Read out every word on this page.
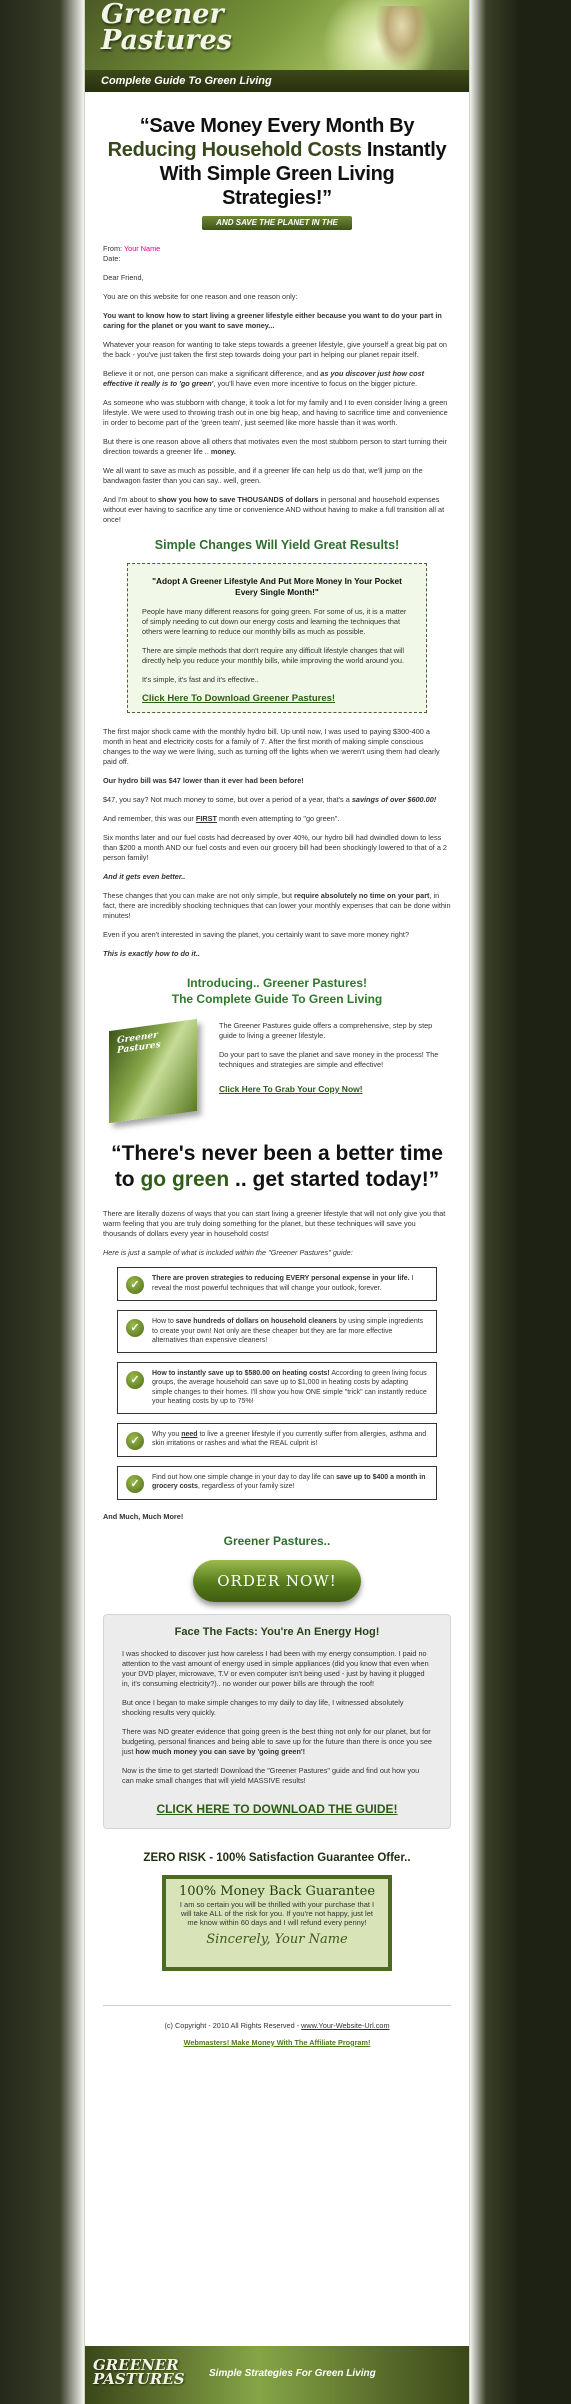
Greener
Pastures
Complete Guide To Green Living
“Save Money Every Month By Reducing Household Costs Instantly With Simple Green Living Strategies!”
AND SAVE THE PLANET IN THE PROCESS!!

From: Your Name
Date:

Dear Friend,

You are on this website for one reason and one reason only:

You want to know how to start living a greener lifestyle either because you want to do your part in caring for the planet or you want to save money...

Whatever your reason for wanting to take steps towards a greener lifestyle, give yourself a great big pat on the back - you've just taken the first step towards doing your part in helping our planet repair itself.

Believe it or not, one person can make a significant difference, and as you discover just how cost effective it really is to 'go green', you'll have even more incentive to focus on the bigger picture.

As someone who was stubborn with change, it took a lot for my family and I to even consider living a green lifestyle. We were used to throwing trash out in one big heap, and having to sacrifice time and convenience in order to become part of the 'green team', just seemed like more hassle than it was worth.

But there is one reason above all others that motivates even the most stubborn person to start turning their direction towards a greener life .. money.

We all want to save as much as possible, and if a greener life can help us do that, we'll jump on the bandwagon faster than you can say.. well, green.

And I'm about to show you how to save THOUSANDS of dollars in personal and household expenses without ever having to sacrifice any time or convenience AND without having to make a full transition all at once!

Simple Changes Will Yield Great Results!
"Adopt A Greener Lifestyle And Put More Money In Your Pocket Every Single Month!"

People have many different reasons for going green. For some of us, it is a matter of simply needing to cut down our energy costs and learning the techniques that others were learning to reduce our monthly bills as much as possible.

There are simple methods that don't require any difficult lifestyle changes that will directly help you reduce your monthly bills, while improving the world around you.

It's simple, it's fast and it's effective..

Click Here To Download Greener Pastures!

The first major shock came with the monthly hydro bill. Up until now, I was used to paying $300-400 a month in heat and electricity costs for a family of 7. After the first month of making simple conscious changes to the way we were living, such as turning off the lights when we weren't using them had clearly paid off.

Our hydro bill was $47 lower than it ever had been before!

$47, you say? Not much money to some, but over a period of a year, that's a savings of over $600.00!

And remember, this was our FIRST month even attempting to "go green".

Six months later and our fuel costs had decreased by over 40%, our hydro bill had dwindled down to less than $200 a month AND our fuel costs and even our grocery bill had been shockingly lowered to that of a 2 person family!

And it gets even better..

These changes that you can make are not only simple, but require absolutely no time on your part, in fact, there are incredibly shocking techniques that can lower your monthly expenses that can be done within minutes!

Even if you aren't interested in saving the planet, you certainly want to save more money right?

This is exactly how to do it..

Introducing.. Greener Pastures!
The Complete Guide To Green Living
Greener Pastures

The Greener Pastures guide offers a comprehensive, step by step guide to living a greener lifestyle.

Do your part to save the planet and save money in the process! The techniques and strategies are simple and effective!

Click Here To Grab Your Copy Now!
“There's never been a better time to go green .. get started today!”

There are literally dozens of ways that you can start living a greener lifestyle that will not only give you that warm feeling that you are truly doing something for the planet, but these techniques will save you thousands of dollars every year in household costs!

Here is just a sample of what is included within the "Greener Pastures" guide:

✓
There are proven strategies to reducing EVERY personal expense in your life. I reveal the most powerful techniques that will change your outlook, forever.
✓
How to save hundreds of dollars on household cleaners by using simple ingredients to create your own! Not only are these cheaper but they are far more effective alternatives than expensive cleaners!
✓
How to instantly save up to $580.00 on heating costs! According to green living focus groups, the average household can save up to $1,000 in heating costs by adapting simple changes to their homes. I'll show you how ONE simple "trick" can instantly reduce your heating costs by up to 75%!
✓
Why you need to live a greener lifestyle if you currently suffer from allergies, asthma and skin irritations or rashes and what the REAL culprit is!
✓
Find out how one simple change in your day to day life can save up to $400 a month in grocery costs, regardless of your family size!

And Much, Much More!

Greener Pastures..
ORDER NOW!
Face The Facts: You're An Energy Hog!

I was shocked to discover just how careless I had been with my energy consumption. I paid no attention to the vast amount of energy used in simple appliances (did you know that even when your DVD player, microwave, T.V or even computer isn't being used - just by having it plugged in, it's consuming electricity?).. no wonder our power bills are through the roof!

But once I began to make simple changes to my daily to day life, I witnessed absolutely shocking results very quickly.

There was NO greater evidence that going green is the best thing not only for our planet, but for budgeting, personal finances and being able to save up for the future than there is once you see just how much money you can save by 'going green'!

Now is the time to get started! Download the "Greener Pastures" guide and find out how you can make small changes that will yield MASSIVE results!

CLICK HERE TO DOWNLOAD THE GUIDE!
ZERO RISK - 100% Satisfaction Guarantee Offer..
100% Money Back Guarantee
I am so certain you will be thrilled with your purchase that I will take ALL of the risk for you. If you're not happy, just let me know within 60 days and I will refund every penny!
Sincerely, Your Name
(c) Copyright - 2010 All Rights Reserved - www.Your-Website-Url.com
Webmasters! Make Money With The Affiliate Program!
GREENER
PASTURES Simple Strategies For Green Living
